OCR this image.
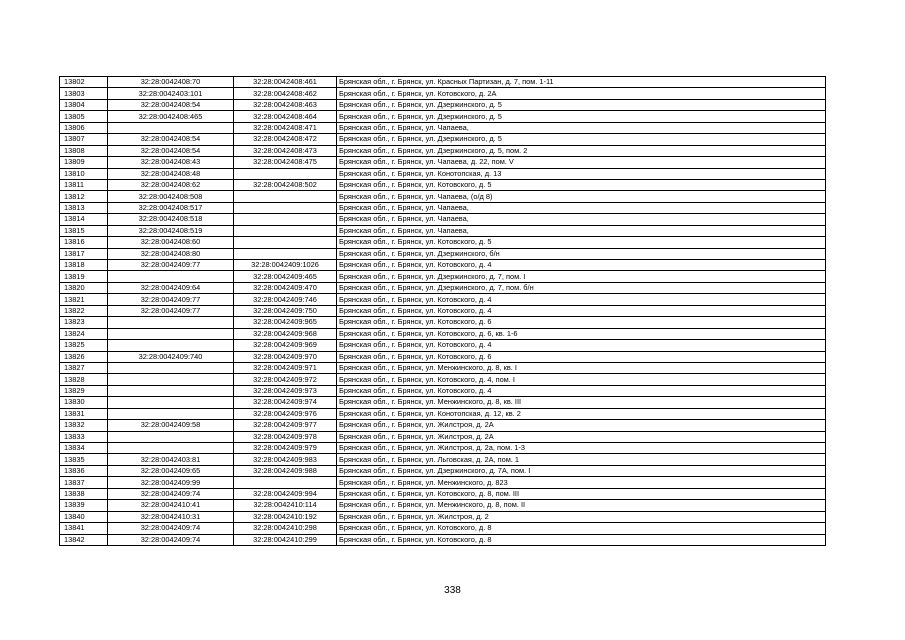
13802	32:28:0042408:70	32:28:0042408:461	Брянская обл., г. Брянск, ул. Красных Партизан, д. 7, пом. 1-11
13803	32:28:0042403:101	32:28:0042408:462	Брянская обл., г. Брянск, ул. Котовского, д. 2А
13804	32:28:0042408:54	32:28:0042408:463	Брянская обл., г. Брянск, ул. Дзержинского, д. 5
13805	32:28:0042408:465	32:28:0042408:464	Брянская обл., г. Брянск, ул. Дзержинского, д. 5
13806		32:28:0042408:471	Брянская обл., г. Брянск, ул. Чапаева,
13807	32:28:0042408:54	32:28:0042408:472	Брянская обл., г. Брянск, ул. Дзержинского, д. 5
13808	32:28:0042408:54	32:28:0042408:473	Брянская обл., г. Брянск, ул. Дзержинского, д. 5, пом. 2
13809	32:28:0042408:43	32:28:0042408:475	Брянская обл., г. Брянск, ул. Чапаева, д. 22, пом. V
13810	32:28:0042408:48		Брянская обл., г. Брянск, ул. Конотопская, д. 13
13811	32:28:0042408:62	32:28:0042408:502	Брянская обл., г. Брянск, ул. Котовского, д. 5
13812	32:28:0042408:508		Брянская обл., г. Брянск, ул. Чапаева, (о/д 8)
13813	32:28:0042408:517		Брянская обл., г. Брянск, ул. Чапаева,
13814	32:28:0042408:518		Брянская обл., г. Брянск, ул. Чапаева,
13815	32:28:0042408:519		Брянская обл., г. Брянск, ул. Чапаева,
13816	32:28:0042408:60		Брянская обл., г. Брянск, ул. Котовского, д. 5
13817	32:28:0042408:80		Брянская обл., г. Брянск, ул. Дзержинского, б/н
13818	32:28:0042409:77	32:28:0042409:1026	Брянская обл., г. Брянск, ул. Котовского, д. 4
13819		32:28:0042409:465	Брянская обл., г. Брянск, ул. Дзержинского, д. 7, пом. I
13820	32:28:0042409:64	32:28:0042409:470	Брянская обл., г. Брянск, ул. Дзержинского, д. 7, пом. б/н
13821	32:28:0042409:77	32:28:0042409:746	Брянская обл., г. Брянск, ул. Котовского, д. 4
13822	32:28:0042409:77	32:28:0042409:750	Брянская обл., г. Брянск, ул. Котовского, д. 4
13823		32:28:0042409:965	Брянская обл., г. Брянск, ул. Котовского, д. 6
13824		32:28:0042409:968	Брянская обл., г. Брянск, ул. Котовского, д. 6, кв. 1-6
13825		32:28:0042409:969	Брянская обл., г. Брянск, ул. Котовского, д. 4
13826	32:28:0042409:740	32:28:0042409:970	Брянская обл., г. Брянск, ул. Котовского, д. 6
13827		32:28:0042409:971	Брянская обл., г. Брянск, ул. Менжинского, д. 8, кв. I
13828		32:28:0042409:972	Брянская обл., г. Брянск, ул. Котовского, д. 4, пом. I
13829		32:28:0042409:973	Брянская обл., г. Брянск, ул. Котовского, д. 4
13830		32:28:0042409:974	Брянская обл., г. Брянск, ул. Менжинского, д. 8, кв. III
13831		32:28:0042409:976	Брянская обл., г. Брянск, ул. Конотопская, д. 12, кв. 2
13832	32:28:0042409:58	32:28:0042409:977	Брянская обл., г. Брянск, ул. Жилстроя, д. 2А
13833		32:28:0042409:978	Брянская обл., г. Брянск, ул. Жилстроя, д. 2А
13834		32:28:0042409:979	Брянская обл., г. Брянск, ул. Жилстроя, д. 2а, пом. 1-3
13835	32:28:0042403:81	32:28:0042409:983	Брянская обл., г. Брянск, ул. Льговская, д. 2А, пом. 1
13836	32:28:0042409:65	32:28:0042409:988	Брянская обл., г. Брянск, ул. Дзержинского, д. 7А, пом. I
13837	32:28:0042409:99		Брянская обл., г. Брянск, ул. Менжинского, д. 823
13838	32:28:0042409:74	32:28:0042409:994	Брянская обл., г. Брянск, ул. Котовского, д. 8, пом. III
13839	32:28:0042410:41	32:28:0042410:114	Брянская обл., г. Брянск, ул. Менжинского, д. 8, пом. II
13840	32:28:0042410:31	32:28:0042410:192	Брянская обл., г. Брянск, ул. Жилстроя, д. 2
13841	32:28:0042409:74	32:28:0042410:298	Брянская обл., г. Брянск, ул. Котовского, д. 8
13842	32:28:0042409:74	32:28:0042410:299	Брянская обл., г. Брянск, ул. Котовского, д. 8
338
